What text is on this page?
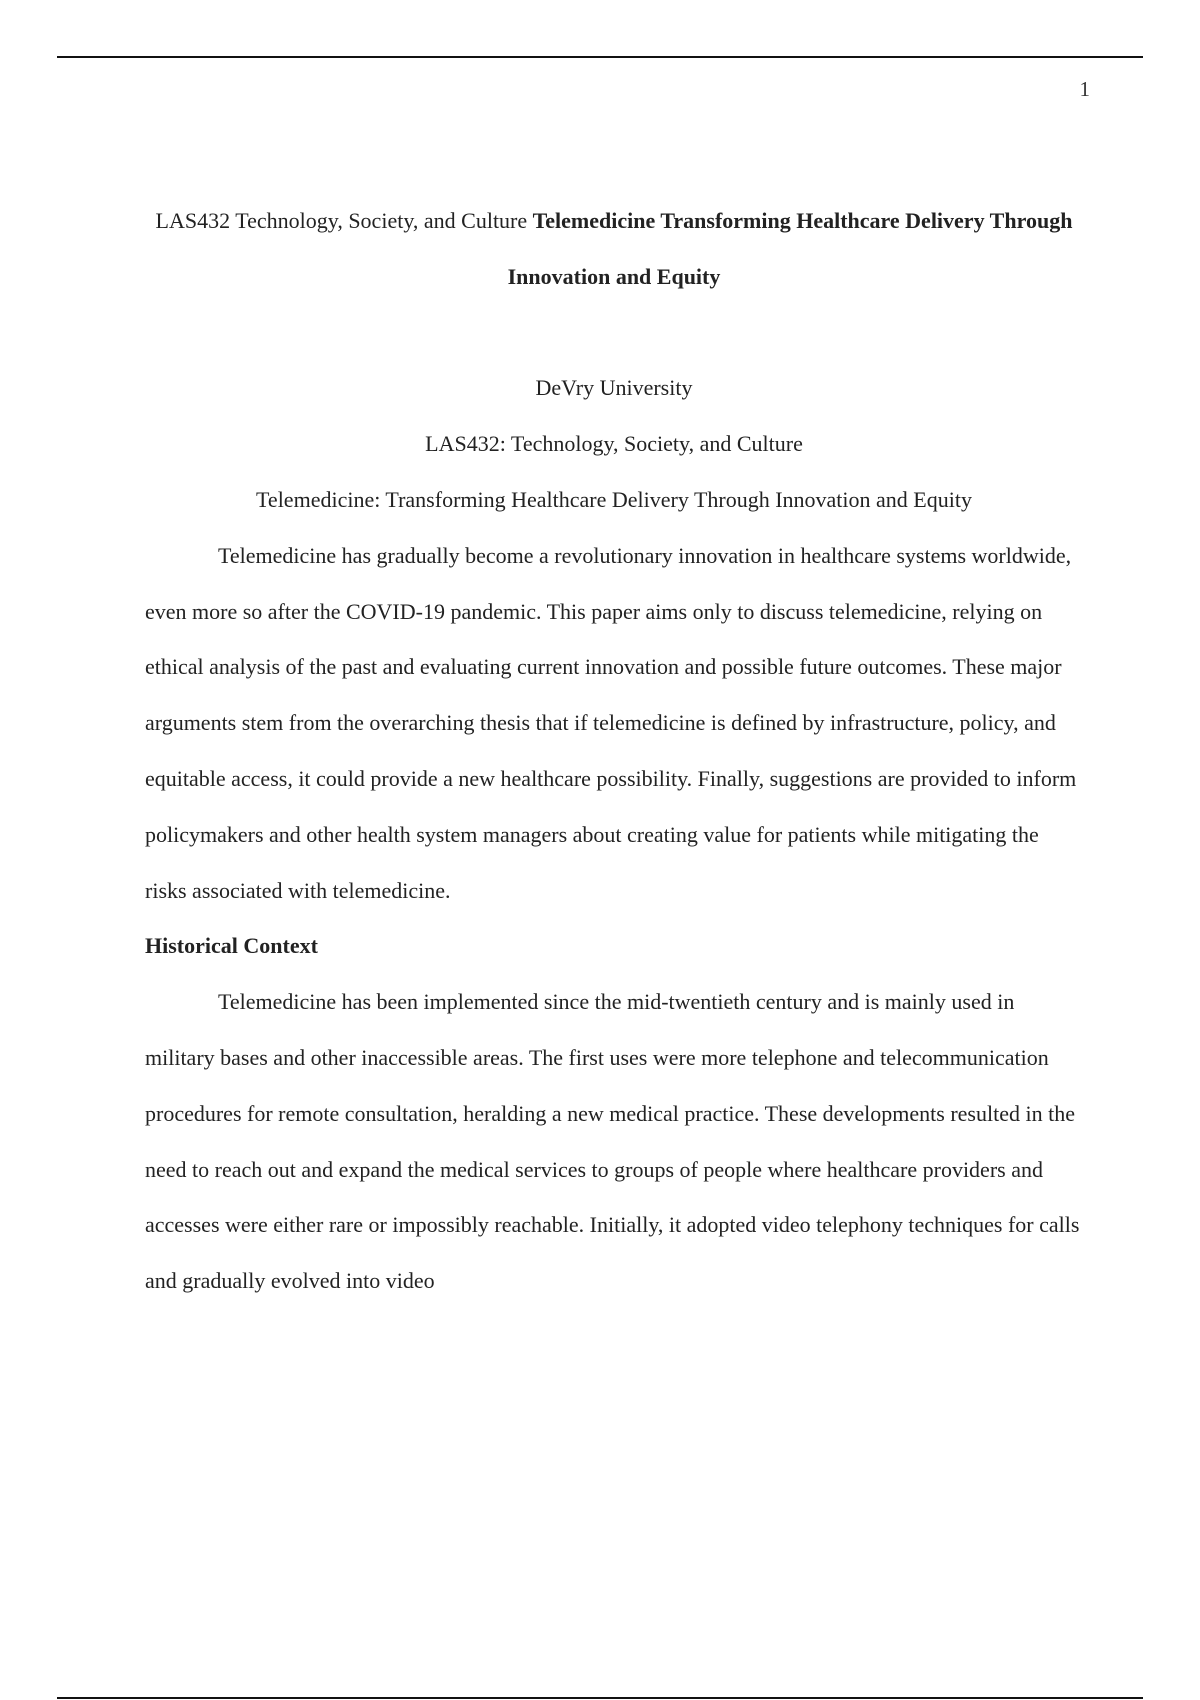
1

LAS432 Technology, Society, and Culture Telemedicine Transforming Healthcare Delivery Through Innovation and Equity

DeVry University

LAS432: Technology, Society, and Culture

Telemedicine: Transforming Healthcare Delivery Through Innovation and Equity

Telemedicine has gradually become a revolutionary innovation in healthcare systems worldwide, even more so after the COVID-19 pandemic. This paper aims only to discuss telemedicine, relying on ethical analysis of the past and evaluating current innovation and possible future outcomes. These major arguments stem from the overarching thesis that if telemedicine is defined by infrastructure, policy, and equitable access, it could provide a new healthcare possibility. Finally, suggestions are provided to inform policymakers and other health system managers about creating value for patients while mitigating the risks associated with telemedicine.

Historical Context

Telemedicine has been implemented since the mid-twentieth century and is mainly used in military bases and other inaccessible areas. The first uses were more telephone and telecommunication procedures for remote consultation, heralding a new medical practice. These developments resulted in the need to reach out and expand the medical services to groups of people where healthcare providers and accesses were either rare or impossibly reachable. Initially, it adopted video telephony techniques for calls and gradually evolved into video
